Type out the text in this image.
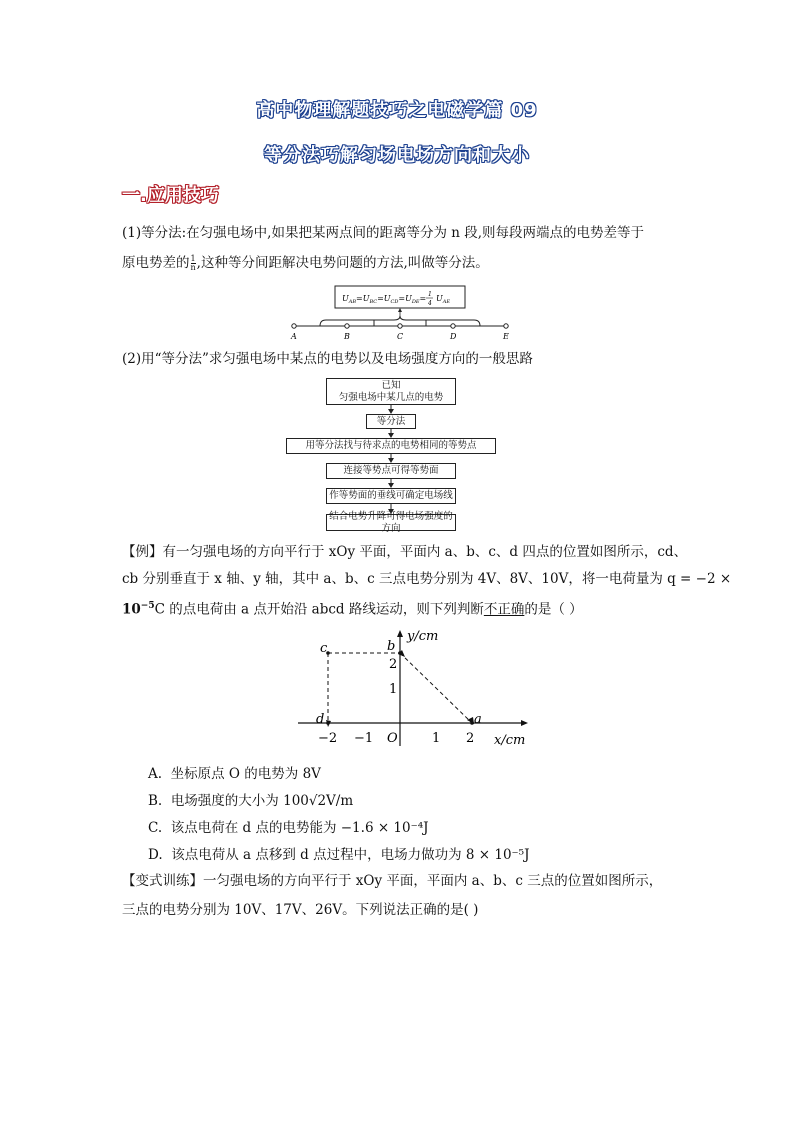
高中物理解题技巧之电磁学篇 09
等分法巧解匀场电场方向和大小
一.应用技巧
(1)等分法:在匀强电场中,如果把某两点间的距离等分为 n 段,则每段两端点的电势差等于
原电势差的 $\frac{1}{n}$ ,这种等分间距解决电势问题的方法,叫做等分法。
$U_{AB}=U_{BC}=U_{CD}=U_{DE}= 1$
4
$U_{AE}$
A	B	C	D	E
(2)用“等分法”求匀强电场中某点的电势以及电场强度方向的一般思路
已知
匀强电场中某几点的电势
等分法
用等分法找与待求点的电势相同的等势点
连接等势点可得等势面
作等势面的垂线可确定电场线
结合电势升降可得电场强度的方向
【例】有一匀强电场的方向平行于 xOy 平面，平面内 a、b、c、d 四点的位置如图所示，cd、
cb 分别垂直于 x 轴、y 轴，其中 a、b、c 三点电势分别为 4V、8V、10V，将一电荷量为 q = −2 ×
$10^{-5}C$ 的点电荷由 a 点开始沿 abcd 路线运动，则下列判断不正确的是（ ）
c	b
d	a
y/cm
x/cm
O
−2 −1	1 2
1
2
A. 坐标原点 O 的电势为 8V
B. 电场强度的大小为 100√2V/m
C. 该点电荷在 d 点的电势能为 −1.6 × 10⁻⁴J
D. 该点电荷从 a 点移到 d 点过程中，电场力做功为 8 × 10⁻⁵J
【变式训练】一匀强电场的方向平行于 xOy 平面，平面内 a、b、c 三点的位置如图所示，
三点的电势分别为 10V、17V、26V。下列说法正确的是( )
